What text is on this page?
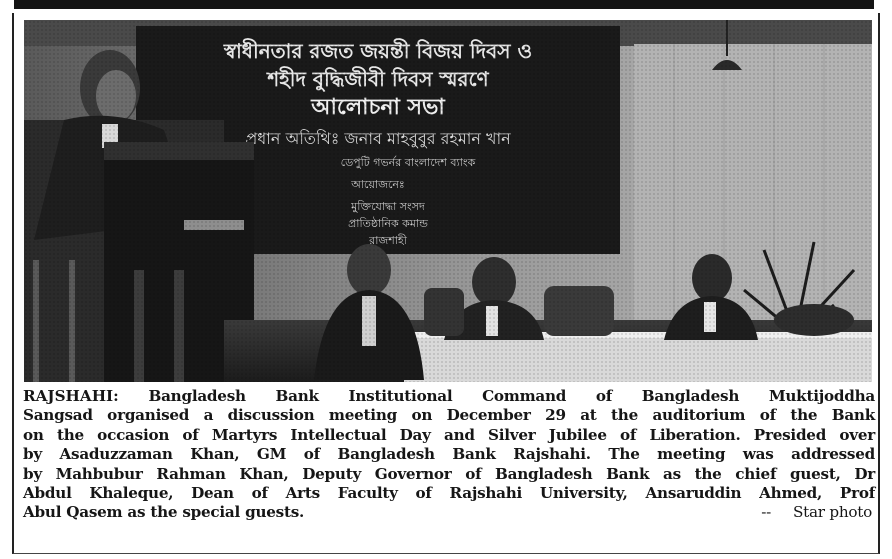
RAJSHAHI: Bangladesh Bank Institutional Command of Bangladesh Muktijoddha
Sangsad organised a discussion meeting on December 29 at the auditorium of the Bank
on the occasion of Martyrs Intellectual Day and Silver Jubilee of Liberation. Presided over
by Asaduzzaman Khan, GM of Bangladesh Bank Rajshahi. The meeting was addressed
by Mahbubur Rahman Khan, Deputy Governor of Bangladesh Bank as the chief guest, Dr
Abdul Khaleque, Dean of Arts Faculty of Rajshahi University, Ansaruddin Ahmed, Prof
Abul Qasem as the special guests.	-- Star photo
